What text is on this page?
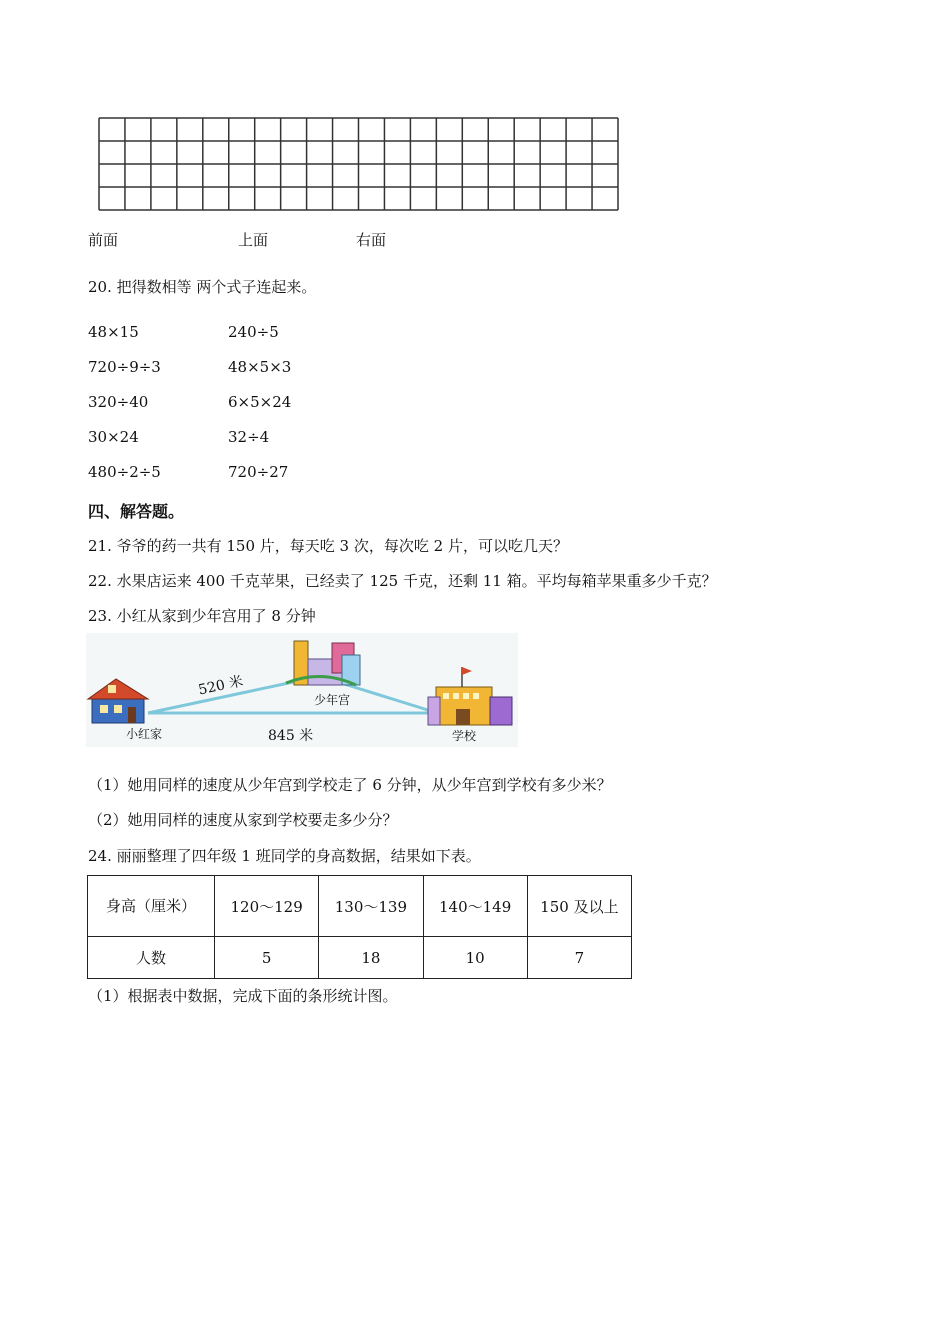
前面	上面	右面
20. 把得数相等 两个式子连起来。
48×15	240÷5
720÷9÷3	48×5×3
320÷40	6×5×24
30×24	32÷4
480÷2÷5	720÷27
四、解答题。
21. 爷爷的药一共有 150 片，每天吃 3 次，每次吃 2 片，可以吃几天？
22. 水果店运来 400 千克苹果，已经卖了 125 千克，还剩 11 箱。平均每箱苹果重多少千克？
23. 小红从家到少年宫用了 8 分钟
小红家
少年宫
学校
520 米
845 米
（1）她用同样的速度从少年宫到学校走了 6 分钟，从少年宫到学校有多少米？
（2）她用同样的速度从家到学校要走多少分？
24. 丽丽整理了四年级 1 班同学的身高数据，结果如下表。
身高（厘米）	120～129	130～139	140～149	150 及以上
人数	5	18	10	7
（1）根据表中数据，完成下面的条形统计图。
